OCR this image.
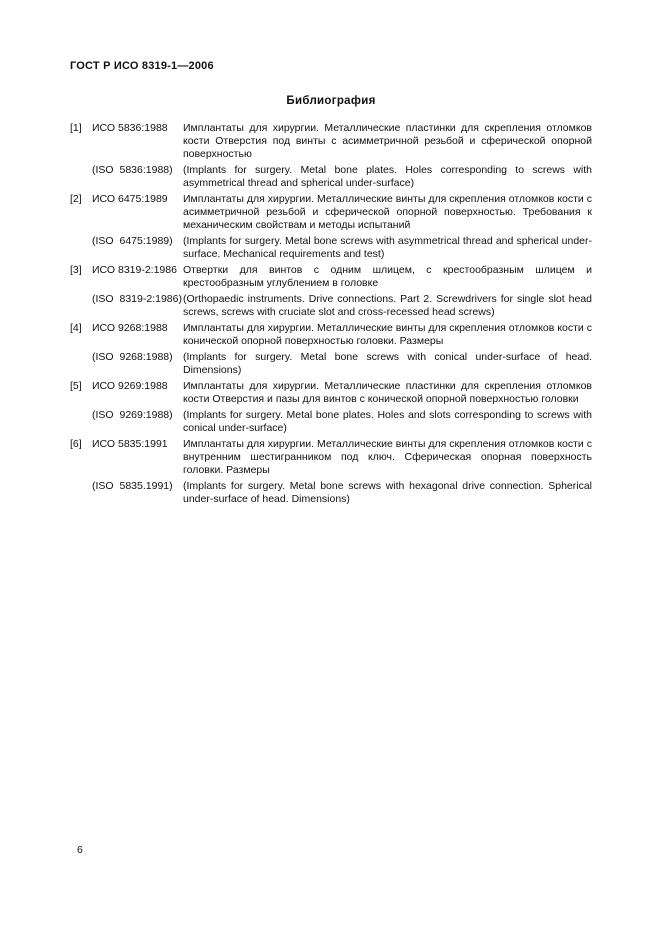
ГОСТ Р ИСО 8319-1—2006
Библиография
[1] ИСО 5836:1988	Имплантаты для хирургии. Металлические пластинки для скрепления отломков кости Отверстия под винты с асимметричной резьбой и сферической опорной поверхностью
(ISO 5836:1988) (Implants for surgery. Metal bone plates. Holes corresponding to screws with asymmetrical thread and spherical under-surface)
[2] ИСО 6475:1989	Имплантаты для хирургии. Металлические винты для скрепления отломков кости с асимметричной резьбой и сферической опорной поверхностью. Требования к механическим свойствам и методы испытаний
(ISO 6475:1989) (Implants for surgery. Metal bone screws with asymmetrical thread and spherical under-surface. Mechanical requirements and test)
[3] ИСО 8319-2:1986 Отвертки для винтов с одним шлицем, с крестообразным шлицем и крестообразным углублением в головке
(ISO 8319-2:1986) (Orthopaedic instruments. Drive connections. Part 2. Screwdrivers for single slot head screws, screws with cruciate slot and cross-recessed head screws)
[4] ИСО 9268:1988	Имплантаты для хирургии. Металлические винты для скрепления отломков кости с конической опорной поверхностью головки. Размеры
(ISO 9268:1988) (Implants for surgery. Metal bone screws with conical under-surface of head. Dimensions)
[5] ИСО 9269:1988	Имплантаты для хирургии. Металлические пластинки для скрепления отломков кости Отверстия и пазы для винтов с конической опорной поверхностью головки
(ISO 9269:1988) (Implants for surgery. Metal bone plates. Holes and slots corresponding to screws with conical under-surface)
[6] ИСО 5835:1991	Имплантаты для хирургии. Металлические винты для скрепления отломков кости с внутренним шестигранником под ключ. Сферическая опорная поверхность головки. Размеры
(ISO 5835.1991) (Implants for surgery. Metal bone screws with hexagonal drive connection. Spherical under-surface of head. Dimensions)
6
